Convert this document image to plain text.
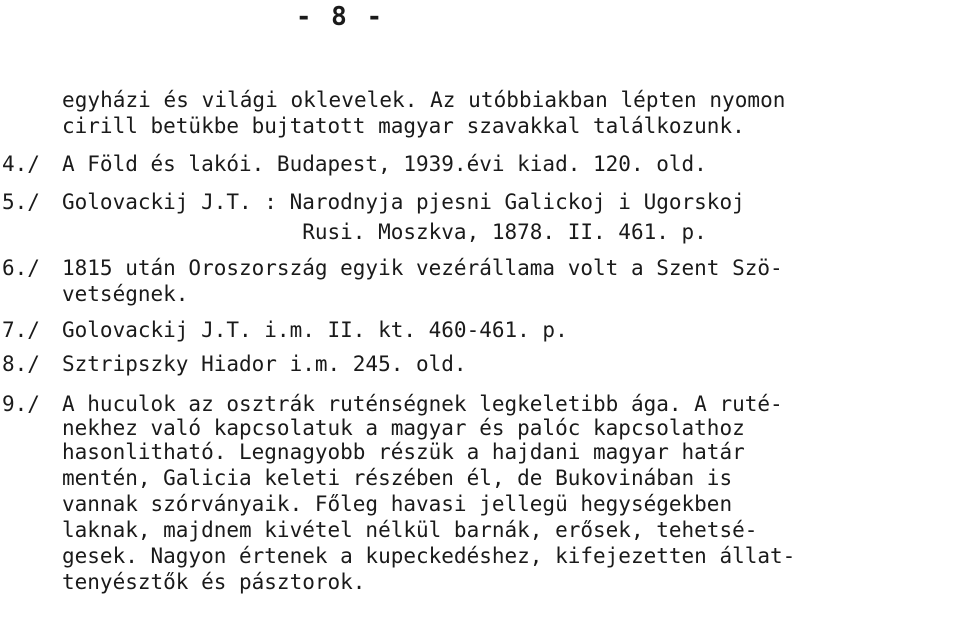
- 8 -
egyházi és világi oklevelek. Az utóbbiakban lépten nyomon
cirill betükbe bujtatott magyar szavakkal találkozunk.
4./ A Föld és lakói. Budapest, 1939.évi kiad. 120. old.
5./ Golovackij J.T. : Narodnyja pjesni Galickoj i Ugorskoj
Rusi. Moszkva, 1878. II. 461. p.
6./ 1815 után Oroszország egyik vezérállama volt a Szent Szö-
vetségnek.
7./ Golovackij J.T. i.m. II. kt. 460-461. p.
8./ Sztripszky Hiador i.m. 245. old.
9./ A huculok az osztrák ruténségnek legkeletibb ága. A ruté-
nekhez való kapcsolatuk a magyar és palóc kapcsolathoz
hasonlitható. Legnagyobb részük a hajdani magyar határ
mentén, Galicia keleti részében él, de Bukovinában is
vannak szórványaik. Főleg havasi jellegü hegységekben
laknak, majdnem kivétel nélkül barnák, erősek, tehetsé-
gesek. Nagyon értenek a kupeckedéshez, kifejezetten állat-
tenyésztők és pásztorok.
